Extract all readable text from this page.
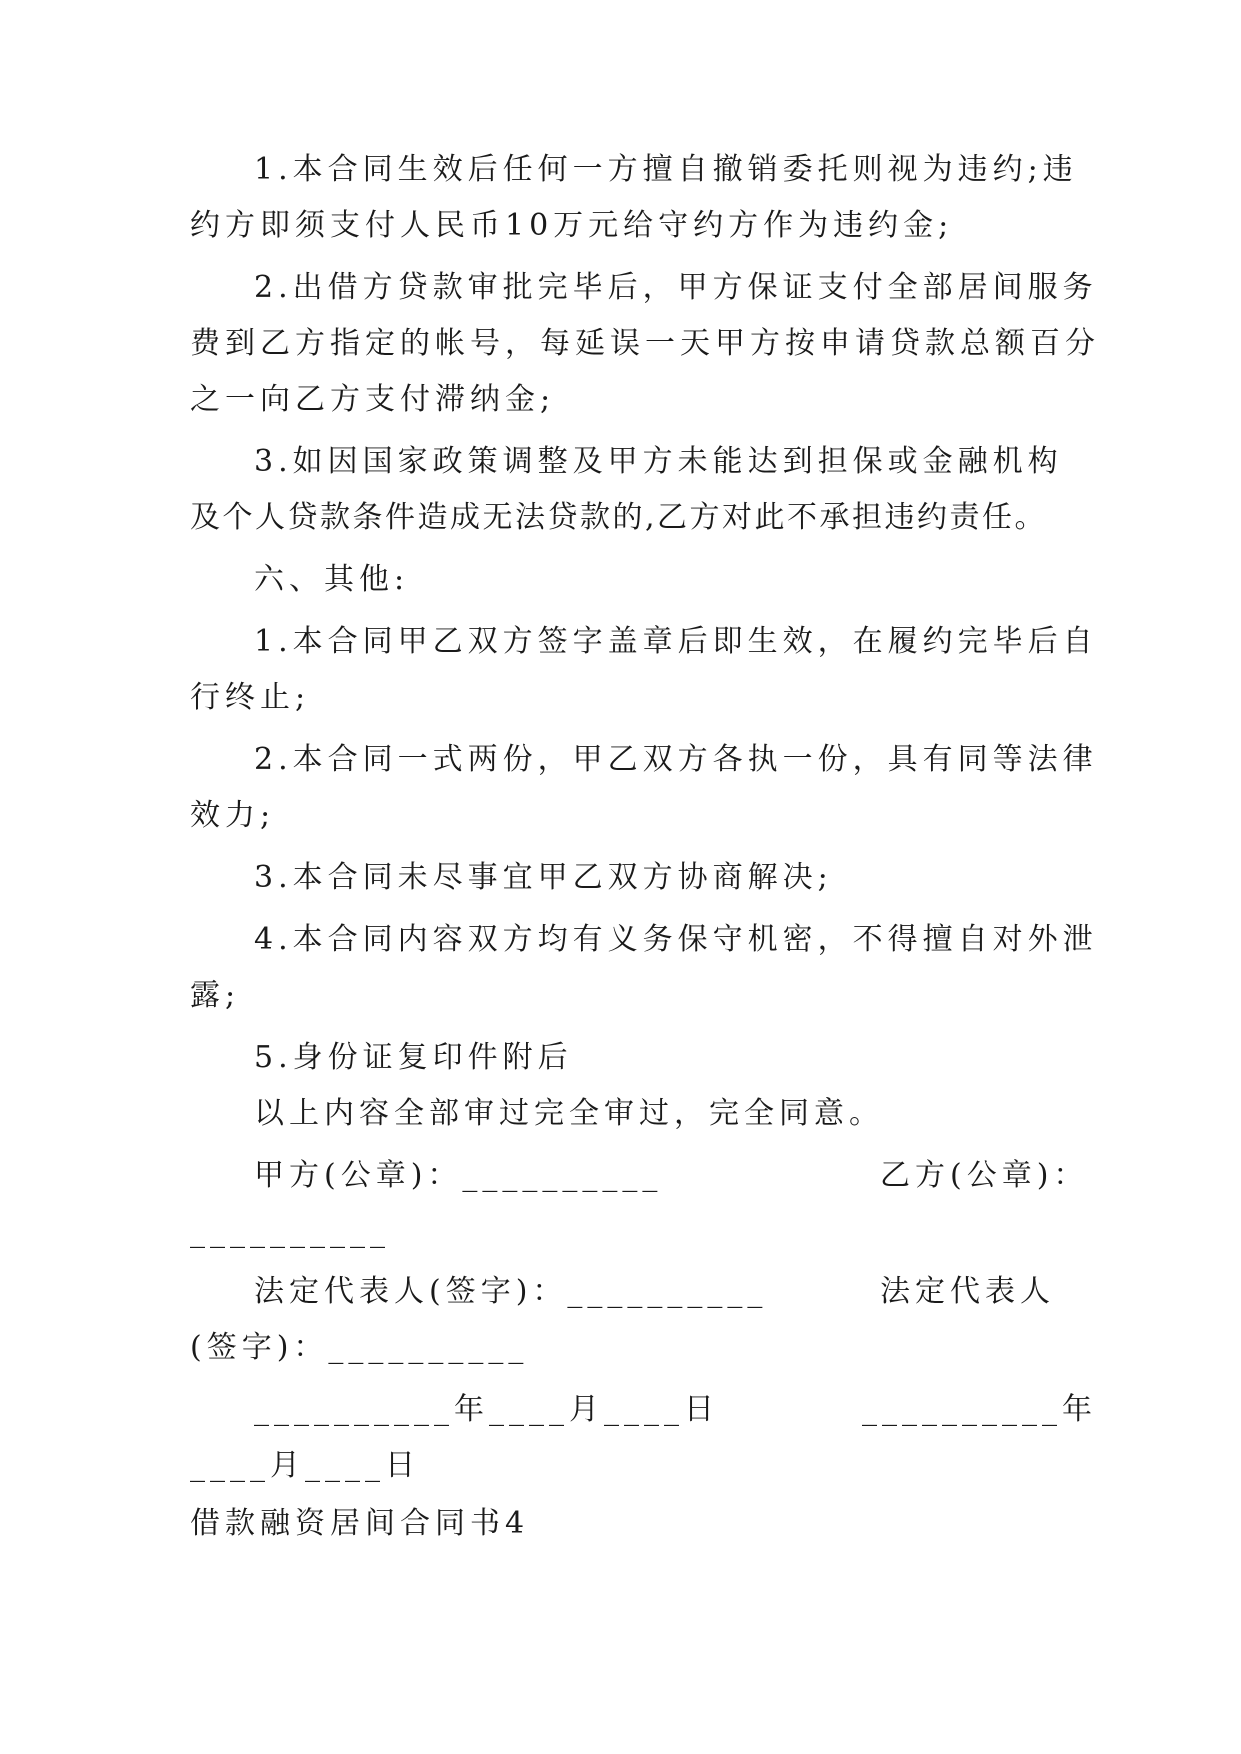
1.本合同生效后任何一方擅自撤销委托则视为违约;违
约方即须支付人民币10万元给守约方作为违约金;
2.出借方贷款审批完毕后，甲方保证支付全部居间服务
费到乙方指定的帐号，每延误一天甲方按申请贷款总额百分
之一向乙方支付滞纳金;
3.如因国家政策调整及甲方未能达到担保或金融机构
及个人贷款条件造成无法贷款的,乙方对此不承担违约责任。
六、其他:
1.本合同甲乙双方签字盖章后即生效，在履约完毕后自
行终止;
2.本合同一式两份，甲乙双方各执一份，具有同等法律
效力;
3.本合同未尽事宜甲乙双方协商解决;
4.本合同内容双方均有义务保守机密，不得擅自对外泄
露;
5.身份证复印件附后
以上内容全部审过完全审过，完全同意。
甲方(公章)：__________	乙方(公章)：
__________
法定代表人(签字)：__________	法定代表人
(签字)：__________
__________年____月____日	__________年
____月____日
借款融资居间合同书4
